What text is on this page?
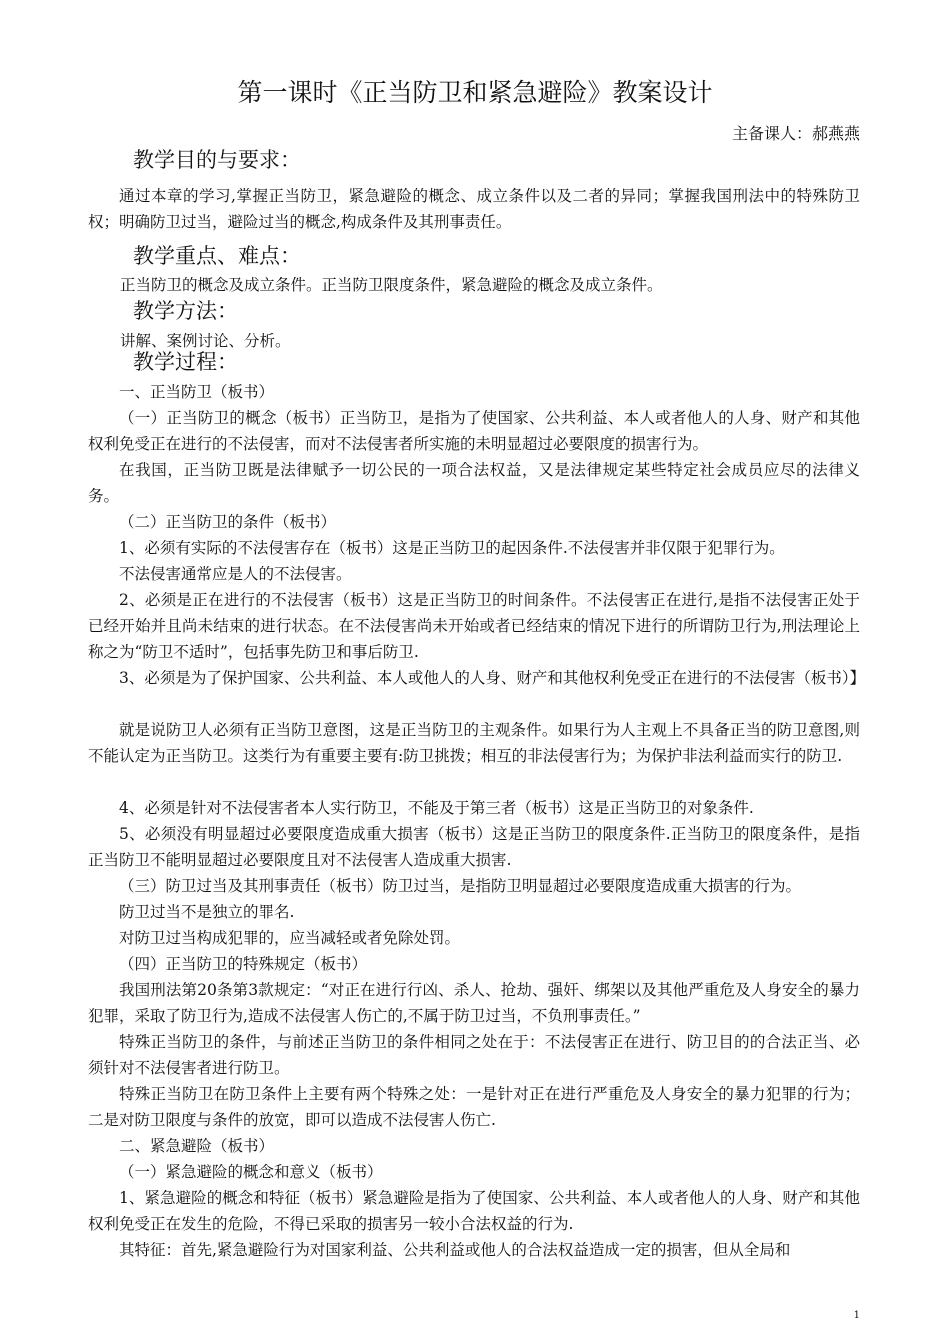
第一课时《正当防卫和紧急避险》教案设计
主备课人：郝燕燕
教学目的与要求：

通过本章的学习,掌握正当防卫，紧急避险的概念、成立条件以及二者的异同；掌握我国刑法中的特殊防卫权；明确防卫过当，避险过当的概念,构成条件及其刑事责任。

教学重点、难点：

正当防卫的概念及成立条件。正当防卫限度条件，紧急避险的概念及成立条件。

教学方法：

讲解、案例讨论、分析。

教学过程：

一、正当防卫（板书）

（一）正当防卫的概念（板书）正当防卫，是指为了使国家、公共利益、本人或者他人的人身、财产和其他权利免受正在进行的不法侵害，而对不法侵害者所实施的未明显超过必要限度的损害行为。

在我国，正当防卫既是法律赋予一切公民的一项合法权益，又是法律规定某些特定社会成员应尽的法律义务。

（二）正当防卫的条件（板书）

1、必须有实际的不法侵害存在（板书）这是正当防卫的起因条件.不法侵害并非仅限于犯罪行为。

不法侵害通常应是人的不法侵害。

2、必须是正在进行的不法侵害（板书）这是正当防卫的时间条件。不法侵害正在进行,是指不法侵害正处于已经开始并且尚未结束的进行状态。在不法侵害尚未开始或者已经结束的情况下进行的所谓防卫行为,刑法理论上称之为“防卫不适时”，包括事先防卫和事后防卫.

3、必须是为了保护国家、公共利益、本人或他人的人身、财产和其他权利免受正在进行的不法侵害（板书）】

就是说防卫人必须有正当防卫意图，这是正当防卫的主观条件。如果行为人主观上不具备正当的防卫意图,则不能认定为正当防卫。这类行为有重要主要有:防卫挑拨；相互的非法侵害行为；为保护非法利益而实行的防卫.

4、必须是针对不法侵害者本人实行防卫，不能及于第三者（板书）这是正当防卫的对象条件.

5、必须没有明显超过必要限度造成重大损害（板书）这是正当防卫的限度条件.正当防卫的限度条件，是指正当防卫不能明显超过必要限度且对不法侵害人造成重大损害.

（三）防卫过当及其刑事责任（板书）防卫过当，是指防卫明显超过必要限度造成重大损害的行为。

防卫过当不是独立的罪名.

对防卫过当构成犯罪的，应当减轻或者免除处罚。

（四）正当防卫的特殊规定（板书）

我国刑法第20条第3款规定：“对正在进行行凶、杀人、抢劫、强奸、绑架以及其他严重危及人身安全的暴力犯罪，采取了防卫行为,造成不法侵害人伤亡的,不属于防卫过当，不负刑事责任。”

特殊正当防卫的条件，与前述正当防卫的条件相同之处在于：不法侵害正在进行、防卫目的的合法正当、必须针对不法侵害者进行防卫。

特殊正当防卫在防卫条件上主要有两个特殊之处：一是针对正在进行严重危及人身安全的暴力犯罪的行为；二是对防卫限度与条件的放宽，即可以造成不法侵害人伤亡.

二、紧急避险（板书）

（一）紧急避险的概念和意义（板书）

1、紧急避险的概念和特征（板书）紧急避险是指为了使国家、公共利益、本人或者他人的人身、财产和其他权利免受正在发生的危险，不得已采取的损害另一较小合法权益的行为.

其特征：首先,紧急避险行为对国家利益、公共利益或他人的合法权益造成一定的损害，但从全局和

1
